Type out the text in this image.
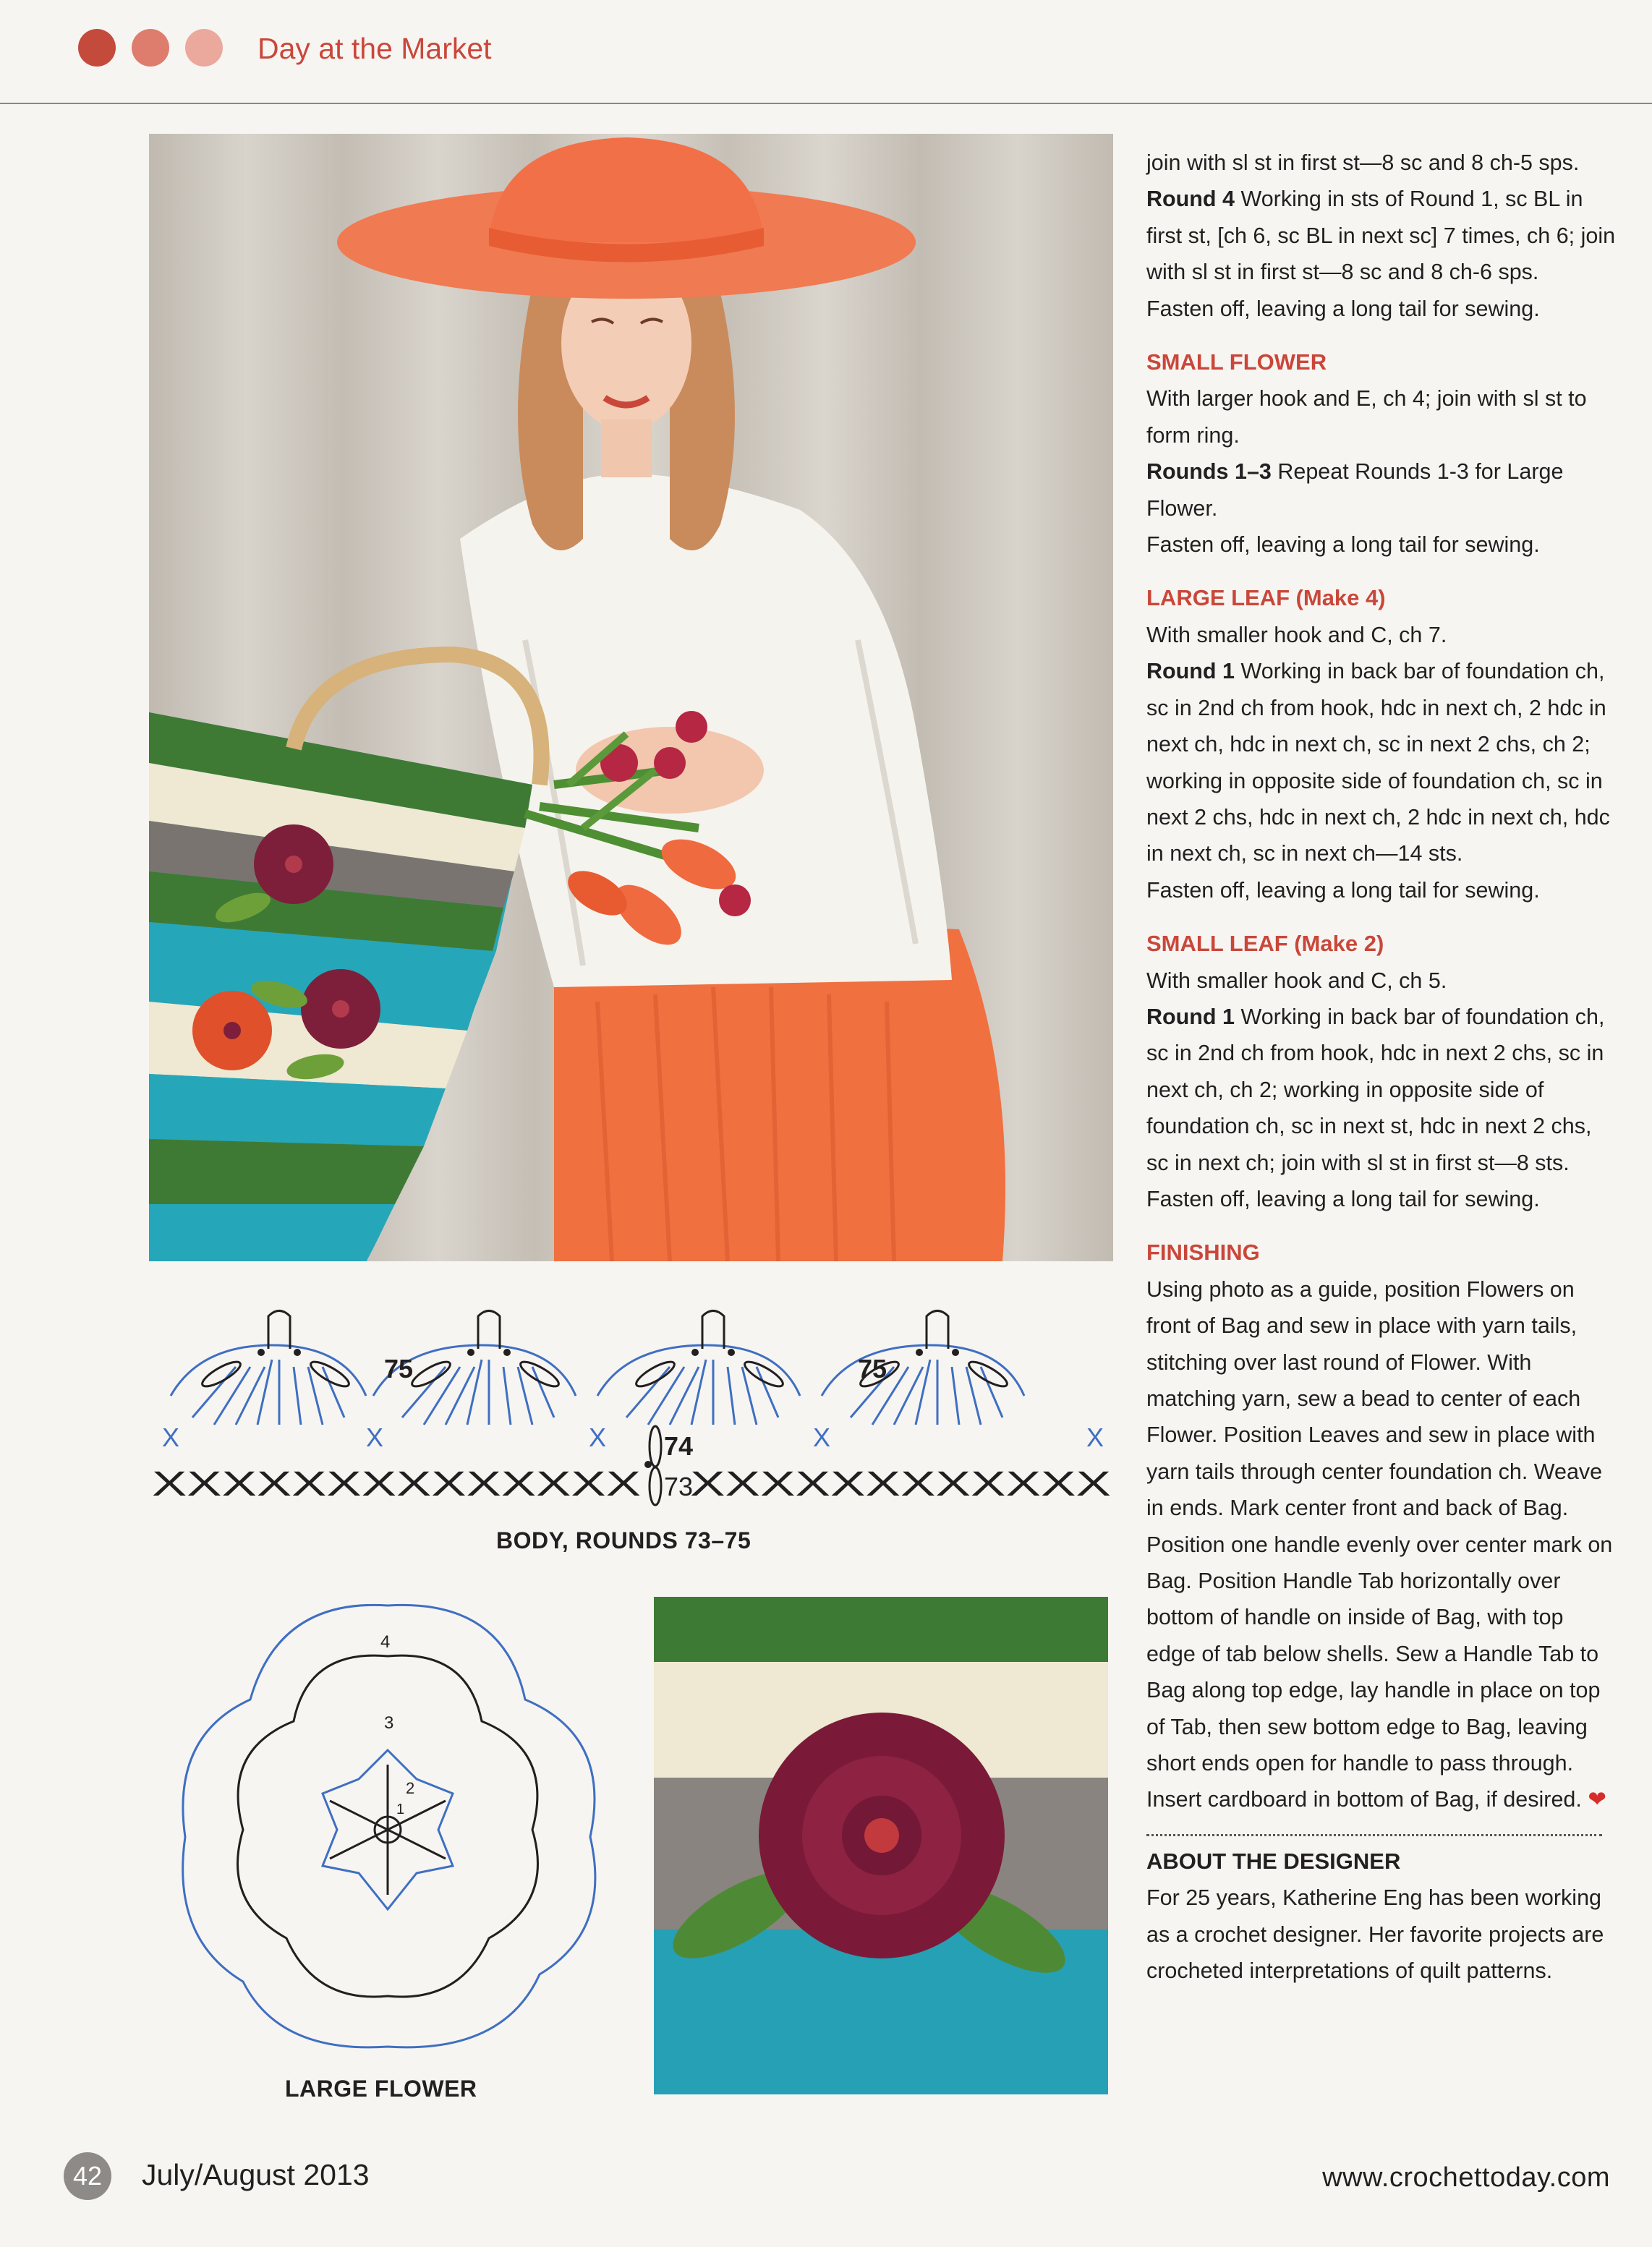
Day at the Market
X	X	X	X	X
75	75
74
73
XXXXXXXXXXXXXX XXXXXXXXXXXX
BODY, ROUNDS 73–75
4
3
2
1
LARGE FLOWER

join with sl st in first st—8 sc and 8 ch-5 sps.

Round 4 Working in sts of Round 1, sc BL in first st, [ch 6, sc BL in next sc] 7 times, ch 6; join with sl st in first st—8 sc and 8 ch-6 sps.

Fasten off, leaving a long tail for sewing.

SMALL FLOWER

With larger hook and E, ch 4; join with sl st to form ring.

Rounds 1–3 Repeat Rounds 1-3 for Large Flower.

Fasten off, leaving a long tail for sewing.

LARGE LEAF (Make 4)

With smaller hook and C, ch 7.

Round 1 Working in back bar of foundation ch, sc in 2nd ch from hook, hdc in next ch, 2 hdc in next ch, hdc in next ch, sc in next 2 chs, ch 2; working in opposite side of foundation ch, sc in next 2 chs, hdc in next ch, 2 hdc in next ch, hdc in next ch, sc in next ch—14 sts.

Fasten off, leaving a long tail for sewing.

SMALL LEAF (Make 2)

With smaller hook and C, ch 5.

Round 1 Working in back bar of foundation ch, sc in 2nd ch from hook, hdc in next 2 chs, sc in next ch, ch 2; working in opposite side of foundation ch, sc in next st, hdc in next 2 chs, sc in next ch; join with sl st in first st—8 sts.

Fasten off, leaving a long tail for sewing.

FINISHING

Using photo as a guide, position Flowers on front of Bag and sew in place with yarn tails, stitching over last round of Flower. With matching yarn, sew a bead to center of each Flower. Position Leaves and sew in place with yarn tails through center foundation ch. Weave in ends. Mark center front and back of Bag. Position one handle evenly over center mark on Bag. Position Handle Tab horizontally over bottom of handle on inside of Bag, with top edge of tab below shells. Sew a Handle Tab to Bag along top edge, lay handle in place on top of Tab, then sew bottom edge to Bag, leaving short ends open for handle to pass through. Insert cardboard in bottom of Bag, if desired. ❤

ABOUT THE DESIGNER

For 25 years, Katherine Eng has been working as a crochet designer. Her favorite projects are crocheted interpretations of quilt patterns.

42	July/August 2013	www.crochettoday.com
